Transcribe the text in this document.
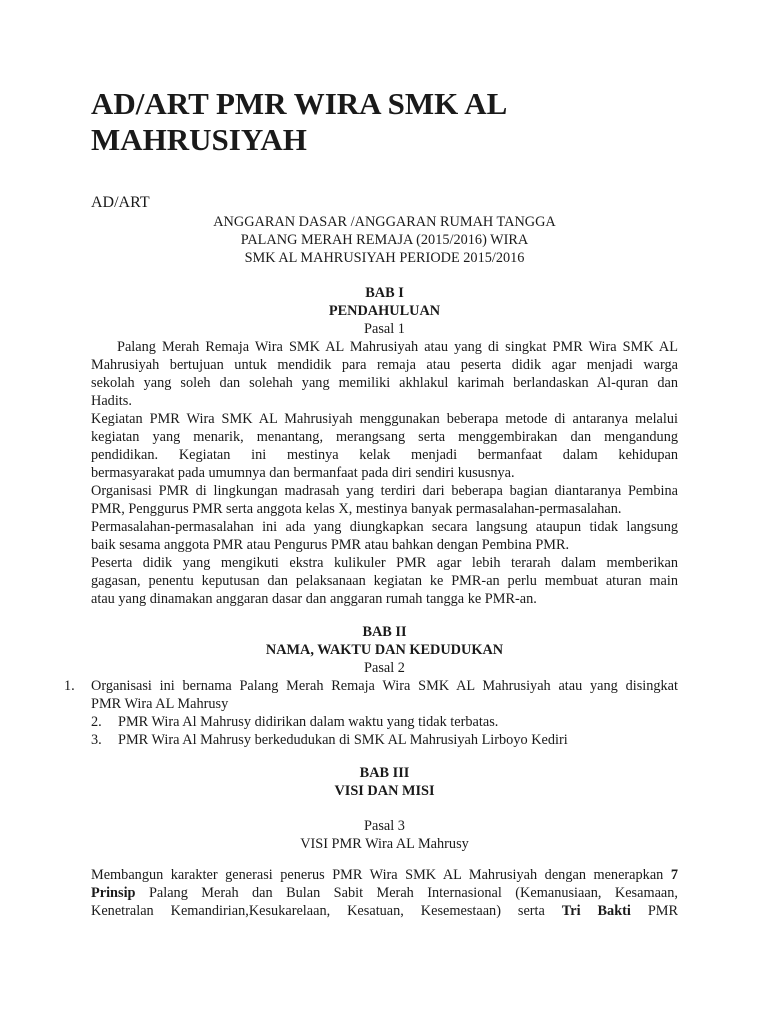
AD/ART PMR WIRA SMK AL MAHRUSIYAH
AD/ART
ANGGARAN DASAR /ANGGARAN RUMAH TANGGA
PALANG MERAH REMAJA (2015/2016) WIRA
SMK AL MAHRUSIYAH PERIODE 2015/2016
BAB I
PENDAHULUAN
Pasal 1
Palang Merah Remaja Wira SMK AL Mahrusiyah atau yang di singkat PMR Wira SMK AL
Mahrusiyah bertujuan untuk mendidik para remaja atau peserta didik agar menjadi warga
sekolah yang soleh dan solehah yang memiliki akhlakul karimah berlandaskan Al-quran dan
Hadits.
Kegiatan PMR Wira SMK AL Mahrusiyah menggunakan beberapa metode di antaranya melalui
kegiatan yang menarik, menantang, merangsang serta menggembirakan dan mengandung
pendidikan. Kegiatan ini mestinya kelak menjadi bermanfaat dalam kehidupan
bermasyarakat pada umumnya dan bermanfaat pada diri sendiri kususnya.
Organisasi PMR di lingkungan madrasah yang terdiri dari beberapa bagian diantaranya Pembina
PMR, Penggurus PMR serta anggota kelas X, mestinya banyak permasalahan-permasalahan.
Permasalahan-permasalahan ini ada yang diungkapkan secara langsung ataupun tidak langsung
baik sesama anggota PMR atau Pengurus PMR atau bahkan dengan Pembina PMR.
Peserta didik yang mengikuti ekstra kulikuler PMR agar lebih terarah dalam memberikan
gagasan, penentu keputusan dan pelaksanaan kegiatan ke PMR-an perlu membuat aturan main
atau yang dinamakan anggaran dasar dan anggaran rumah tangga ke PMR-an.
BAB II
NAMA, WAKTU DAN KEDUDUKAN
Pasal 2
1. Organisasi ini bernama Palang Merah Remaja Wira SMK AL Mahrusiyah atau yang disingkat
PMR Wira AL Mahrusy
2. PMR Wira Al Mahrusy didirikan dalam waktu yang tidak terbatas.
3. PMR Wira Al Mahrusy berkedudukan di SMK AL Mahrusiyah Lirboyo Kediri
BAB III
VISI DAN MISI
Pasal 3
VISI PMR Wira AL Mahrusy
Membangun karakter generasi penerus PMR Wira SMK AL Mahrusiyah dengan menerapkan 7
Prinsip Palang Merah dan Bulan Sabit Merah Internasional (Kemanusiaan, Kesamaan,
Kenetralan Kemandirian,Kesukarelaan, Kesatuan, Kesemestaan) serta Tri Bakti PMR
